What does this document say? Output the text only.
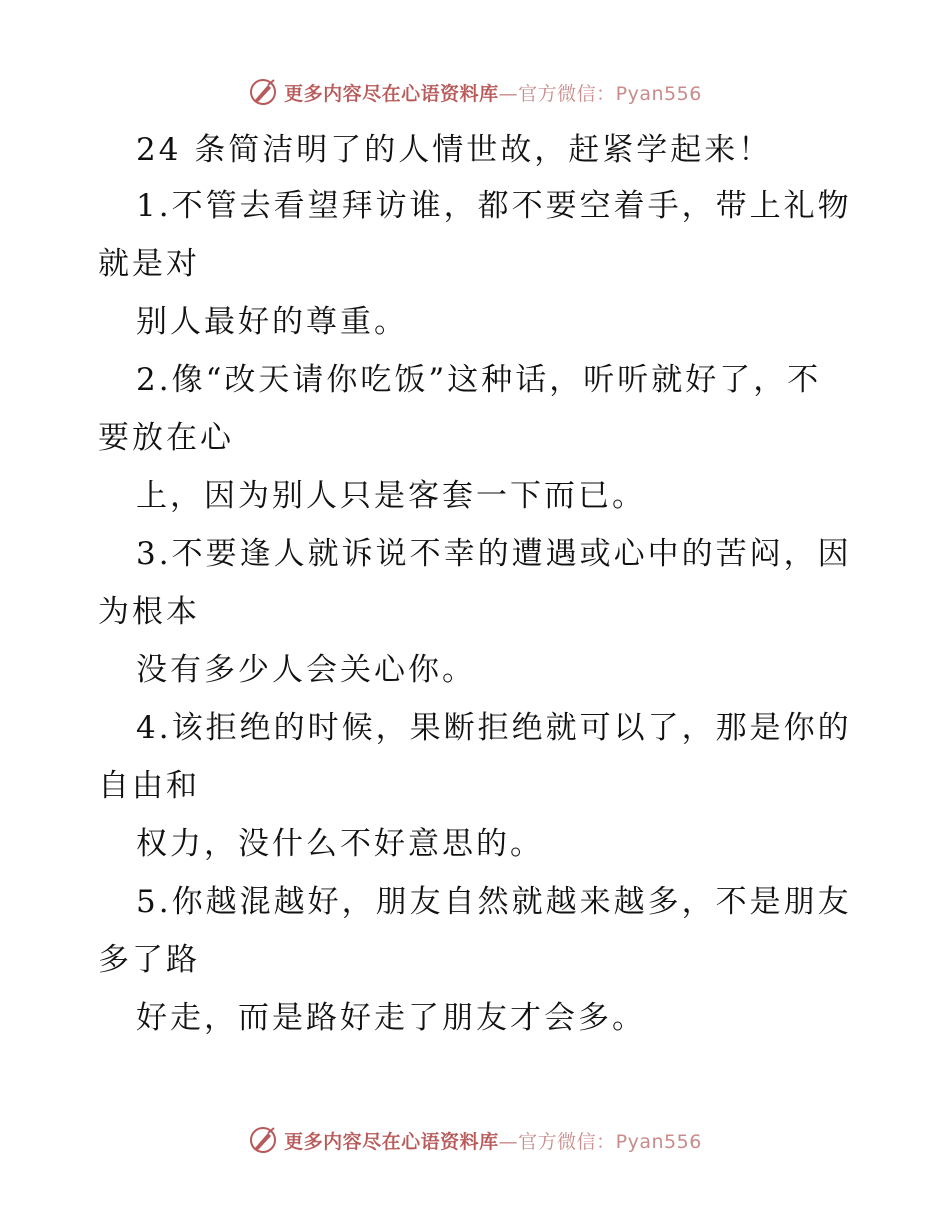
更多内容尽在心语资料库—官方微信：Pyan556
24 条简洁明了的人情世故，赶紧学起来！
1.不管去看望拜访谁，都不要空着手，带上礼物
就是对
别人最好的尊重。
2.像“改天请你吃饭”这种话，听听就好了，不
要放在心
上，因为别人只是客套一下而已。
3.不要逢人就诉说不幸的遭遇或心中的苦闷，因
为根本
没有多少人会关心你。
4.该拒绝的时候，果断拒绝就可以了，那是你的
自由和
权力，没什么不好意思的。
5.你越混越好，朋友自然就越来越多，不是朋友
多了路
好走，而是路好走了朋友才会多。
更多内容尽在心语资料库—官方微信：Pyan556
